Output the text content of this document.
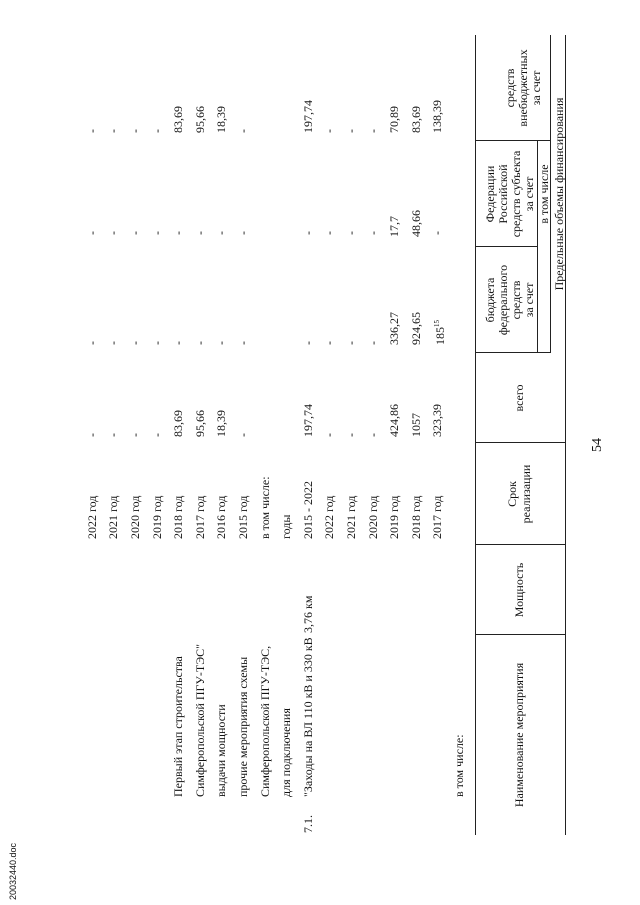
54
20032440.doc
Наименование мероприятия
Мощность
Срок реализации
всего
Предельные объемы финансирования
в том числе
за счет
средств
федерального
бюджета
за счет
средств субъекта
Российской
Федерации
за счет
внебюджетных
средств
в том числе:
2017 год
323,39
$185^{15}$
-
138,39
2018 год
1057
924,65
48,66
83,69
2019 год
424,86
336,27
17,7
70,89
2020 год
-
-
-
-
2021 год
-
-
-
-
2022 год
-
-
-
-
7.1.
"Заходы на ВЛ 110 кВ и 330 кВ
3,76 км
2015 - 2022
197,74
-
-
197,74
для подключения
годы
Симферопольской ПГУ-ТЭС,
в том числе:
прочие мероприятия схемы
2015 год
-
-
-
-
выдачи мощности
2016 год
18,39
-
-
18,39
Симферопольской ПГУ-ТЭС"
2017 год
95,66
-
-
95,66
Первый этап строительства
2018 год
83,69
-
-
83,69
2019 год
-
-
-
-
2020 год
-
-
-
-
2021 год
-
-
-
-
2022 год
-
-
-
-
